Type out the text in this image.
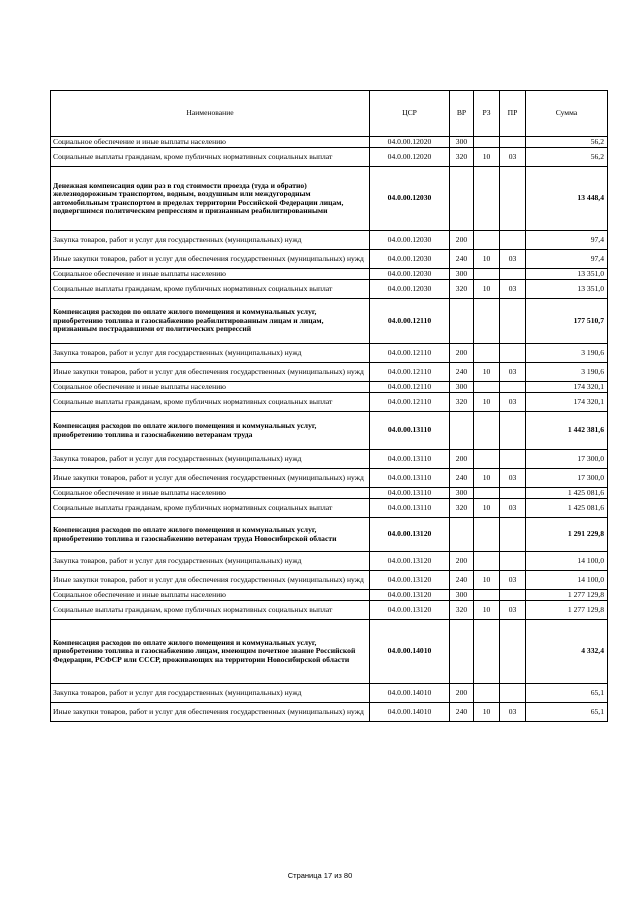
Наименование	ЦСР	ВР	РЗ	ПР	Сумма
Социальное обеспечение и иные выплаты населению	04.0.00.12020	300			56,2
Социальные выплаты гражданам, кроме публичных нормативных социальных выплат	04.0.00.12020	320	10	03	56,2
Денежная компенсация один раз в год стоимости проезда (туда и обратно) железнодорожным транспортом, водным, воздушным или междугородным автомобильным транспортом в пределах территории Российской Федерации лицам, подвергшимся политическим репрессиям и признанным реабилитированными	04.0.00.12030				13 448,4
Закупка товаров, работ и услуг для государственных (муниципальных) нужд	04.0.00.12030	200			97,4
Иные закупки товаров, работ и услуг для обеспечения государственных (муниципальных) нужд	04.0.00.12030	240	10	03	97,4
Социальное обеспечение и иные выплаты населению	04.0.00.12030	300			13 351,0
Социальные выплаты гражданам, кроме публичных нормативных социальных выплат	04.0.00.12030	320	10	03	13 351,0
Компенсация расходов по оплате жилого помещения и коммунальных услуг, приобретению топлива и газоснабжению реабилитированным лицам и лицам, признанным пострадавшими от политических репрессий	04.0.00.12110				177 510,7
Закупка товаров, работ и услуг для государственных (муниципальных) нужд	04.0.00.12110	200			3 190,6
Иные закупки товаров, работ и услуг для обеспечения государственных (муниципальных) нужд	04.0.00.12110	240	10	03	3 190,6
Социальное обеспечение и иные выплаты населению	04.0.00.12110	300			174 320,1
Социальные выплаты гражданам, кроме публичных нормативных социальных выплат	04.0.00.12110	320	10	03	174 320,1
Компенсация расходов по оплате жилого помещения и коммунальных услуг, приобретению топлива и газоснабжению ветеранам труда	04.0.00.13110				1 442 381,6
Закупка товаров, работ и услуг для государственных (муниципальных) нужд	04.0.00.13110	200			17 300,0
Иные закупки товаров, работ и услуг для обеспечения государственных (муниципальных) нужд	04.0.00.13110	240	10	03	17 300,0
Социальное обеспечение и иные выплаты населению	04.0.00.13110	300			1 425 081,6
Социальные выплаты гражданам, кроме публичных нормативных социальных выплат	04.0.00.13110	320	10	03	1 425 081,6
Компенсация расходов по оплате жилого помещения и коммунальных услуг, приобретению топлива и газоснабжению ветеранам труда Новосибирской области	04.0.00.13120				1 291 229,8
Закупка товаров, работ и услуг для государственных (муниципальных) нужд	04.0.00.13120	200			14 100,0
Иные закупки товаров, работ и услуг для обеспечения государственных (муниципальных) нужд	04.0.00.13120	240	10	03	14 100,0
Социальное обеспечение и иные выплаты населению	04.0.00.13120	300			1 277 129,8
Социальные выплаты гражданам, кроме публичных нормативных социальных выплат	04.0.00.13120	320	10	03	1 277 129,8
Компенсация расходов по оплате жилого помещения и коммунальных услуг, приобретению топлива и газоснабжению лицам, имеющим почетное звание Российской Федерации, РСФСР или СССР, проживающих на территории Новосибирской области	04.0.00.14010				4 332,4
Закупка товаров, работ и услуг для государственных (муниципальных) нужд	04.0.00.14010	200			65,1
Иные закупки товаров, работ и услуг для обеспечения государственных (муниципальных) нужд	04.0.00.14010	240	10	03	65,1
Страница 17 из 80
